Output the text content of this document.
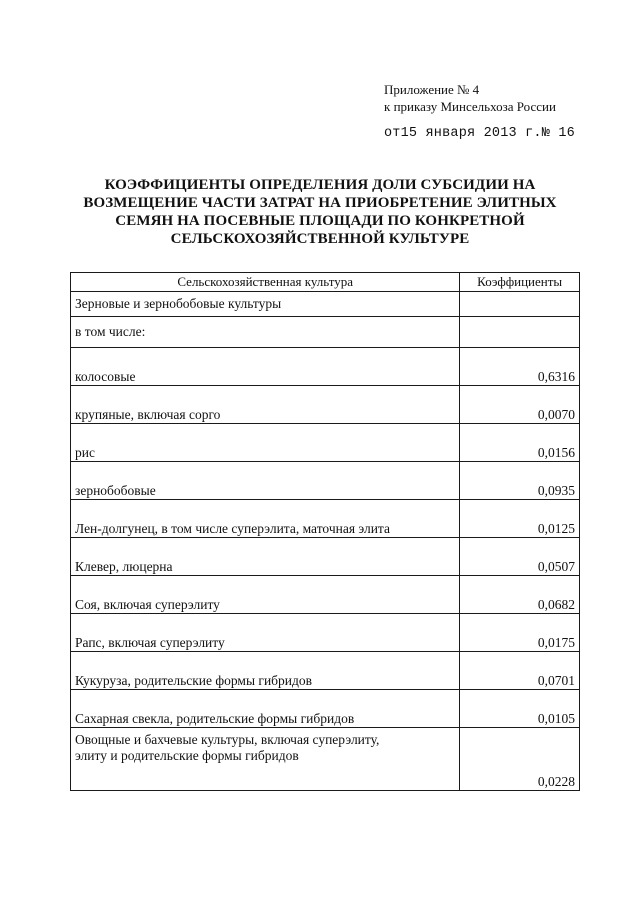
Приложение № 4
к приказу Минсельхоза России
от15 января 2013 г.№ 16
КОЭФФИЦИЕНТЫ ОПРЕДЕЛЕНИЯ ДОЛИ СУБСИДИИ НА
ВОЗМЕЩЕНИЕ ЧАСТИ ЗАТРАТ НА ПРИОБРЕТЕНИЕ ЭЛИТНЫХ
СЕМЯН НА ПОСЕВНЫЕ ПЛОЩАДИ ПО КОНКРЕТНОЙ
СЕЛЬСКОХОЗЯЙСТВЕННОЙ КУЛЬТУРЕ
Сельскохозяйственная культура	Коэффициенты
Зерновые и зернобобовые культуры	
в том числе:	
колосовые	0,6316
крупяные, включая сорго	0,0070
рис	0,0156
зернобобовые	0,0935
Лен-долгунец, в том числе суперэлита, маточная элита	0,0125
Клевер, люцерна	0,0507
Соя, включая суперэлиту	0,0682
Рапс, включая суперэлиту	0,0175
Кукуруза, родительские формы гибридов	0,0701
Сахарная свекла, родительские формы гибридов	0,0105

Овощные и бахчевые культуры, включая суперэлиту,
элиту и родительские формы гибридов	0,0228
